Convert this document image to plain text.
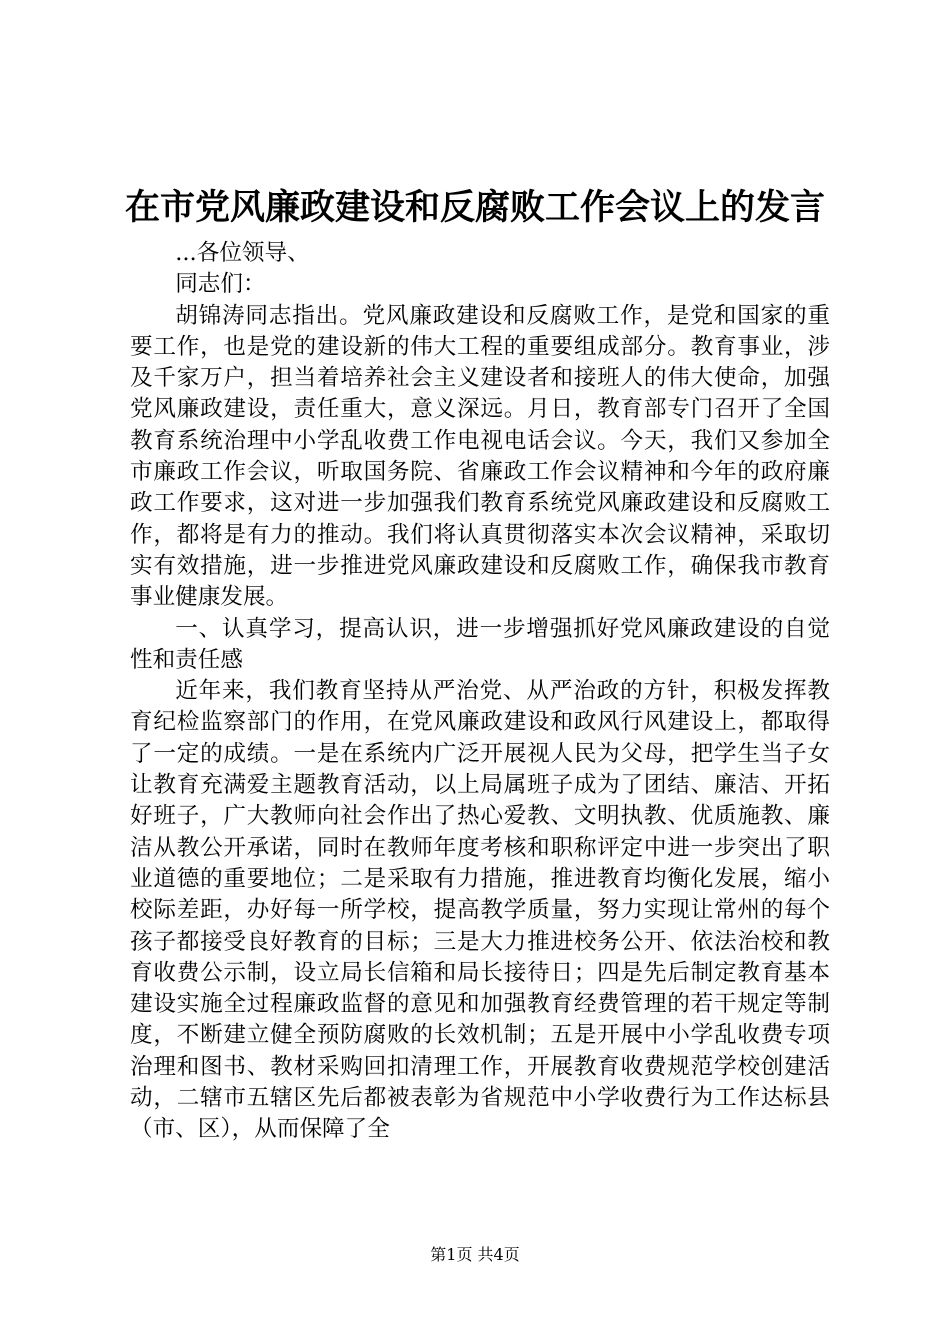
在市党风廉政建设和反腐败工作会议上的发言

...各位领导、

同志们：

胡锦涛同志指出。党风廉政建设和反腐败工作，是党和国家的重要工作，也是党的建设新的伟大工程的重要组成部分。教育事业，涉及千家万户，担当着培养社会主义建设者和接班人的伟大使命，加强党风廉政建设，责任重大，意义深远。月日，教育部专门召开了全国教育系统治理中小学乱收费工作电视电话会议。今天，我们又参加全市廉政工作会议，听取国务院、省廉政工作会议精神和今年的政府廉政工作要求，这对进一步加强我们教育系统党风廉政建设和反腐败工作，都将是有力的推动。我们将认真贯彻落实本次会议精神，采取切实有效措施，进一步推进党风廉政建设和反腐败工作，确保我市教育事业健康发展。

一、认真学习，提高认识，进一步增强抓好党风廉政建设的自觉性和责任感

近年来，我们教育坚持从严治党、从严治政的方针，积极发挥教育纪检监察部门的作用，在党风廉政建设和政风行风建设上，都取得了一定的成绩。一是在系统内广泛开展视人民为父母，把学生当子女让教育充满爱主题教育活动，以上局属班子成为了团结、廉洁、开拓好班子，广大教师向社会作出了热心爱教、文明执教、优质施教、廉洁从教公开承诺，同时在教师年度考核和职称评定中进一步突出了职业道德的重要地位；二是采取有力措施，推进教育均衡化发展，缩小校际差距，办好每一所学校，提高教学质量，努力实现让常州的每个孩子都接受良好教育的目标；三是大力推进校务公开、依法治校和教育收费公示制，设立局长信箱和局长接待日；四是先后制定教育基本建设实施全过程廉政监督的意见和加强教育经费管理的若干规定等制度，不断建立健全预防腐败的长效机制；五是开展中小学乱收费专项治理和图书、教材采购回扣清理工作，开展教育收费规范学校创建活动，二辖市五辖区先后都被表彰为省规范中小学收费行为工作达标县（市、区），从而保障了全

第1页 共4页
